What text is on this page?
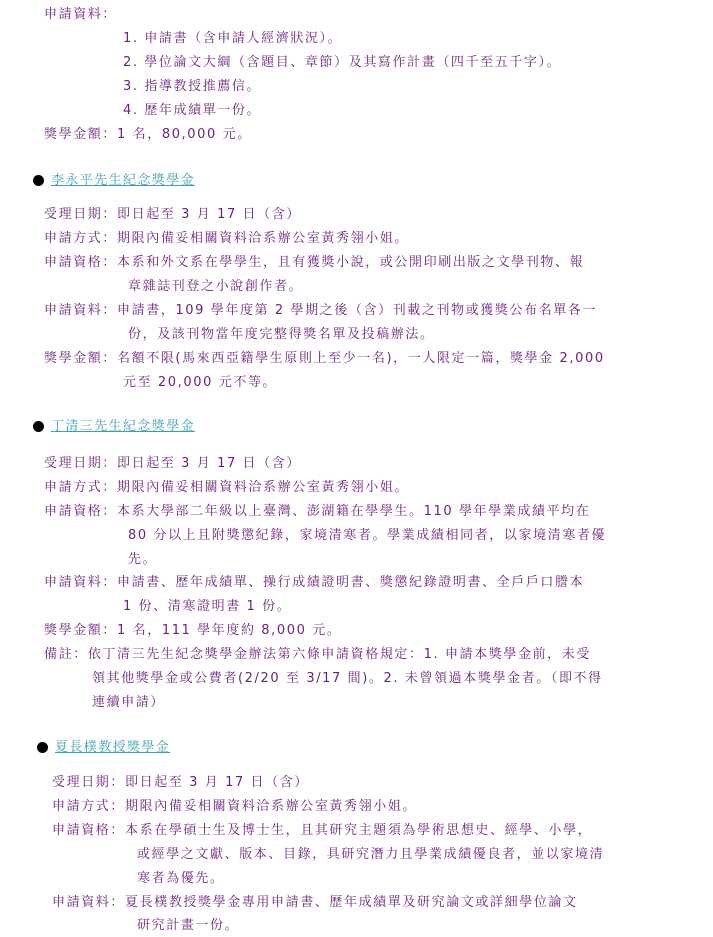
申請資料：
1. 申請書（含申請人經濟狀況）。
2. 學位論文大綱（含題目、章節）及其寫作計畫（四千至五千字）。
3. 指導教授推薦信。
4. 歷年成績單一份。
獎學金額：1 名，80,000 元。
李永平先生紀念獎學金
受理日期：即日起至 3 月 17 日（含）
申請方式：期限內備妥相關資料洽系辦公室黃秀翎小姐。
申請資格：本系和外文系在學學生，且有獲獎小說，或公開印刷出版之文學刊物、報
章雜誌刊登之小說創作者。
申請資料：申請書，109 學年度第 2 學期之後（含）刊載之刊物或獲獎公布名單各一
份，及該刊物當年度完整得獎名單及投稿辦法。
獎學金額：名額不限(馬來西亞籍學生原則上至少一名)，一人限定一篇，獎學金 2,000
元至 20,000 元不等。
丁清三先生紀念獎學金
受理日期：即日起至 3 月 17 日（含）
申請方式：期限內備妥相關資料洽系辦公室黃秀翎小姐。
申請資格：本系大學部二年級以上臺灣、澎湖籍在學學生。110 學年學業成績平均在
80 分以上且附獎懲紀錄，家境清寒者。學業成績相同者，以家境清寒者優
先。
申請資料：申請書、歷年成績單、操行成績證明書、獎懲紀錄證明書、全戶戶口謄本
1 份、清寒證明書 1 份。
獎學金額：1 名，111 學年度約 8,000 元。
備註：依丁清三先生紀念獎學金辦法第六條申請資格規定：1. 申請本獎學金前，未受
領其他獎學金或公費者(2/20 至 3/17 間)。2. 未曾領過本獎學金者。（即不得
連續申請）
夏長樸教授獎學金
受理日期：即日起至 3 月 17 日（含）
申請方式：期限內備妥相關資料洽系辦公室黃秀翎小姐。
申請資格：本系在學碩士生及博士生，且其研究主題須為學術思想史、經學、小學，
或經學之文獻、版本、目錄，具研究潛力且學業成績優良者，並以家境清
寒者為優先。
申請資料：夏長樸教授獎學金專用申請書、歷年成績單及研究論文或詳細學位論文
研究計畫一份。
